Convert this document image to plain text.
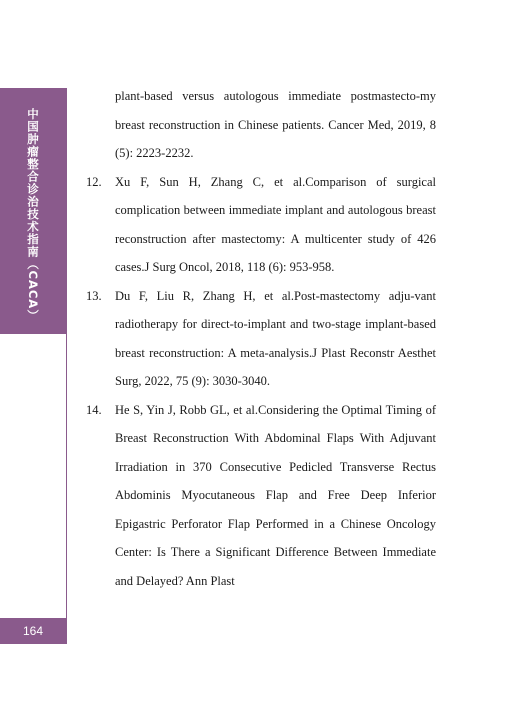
中国肿瘤整合诊治技术指南（CACA）
164
plant-based versus autologous immediate postmastecto-my breast reconstruction in Chinese patients. Cancer Med, 2019, 8 (5): 2223-2232.
12.	Xu F, Sun H, Zhang C, et al.Comparison of surgical complication between immediate implant and autologous breast reconstruction after mastectomy: A multicenter study of 426 cases.J Surg Oncol, 2018, 118 (6): 953-958.
13.	Du F, Liu R, Zhang H, et al.Post-mastectomy adju-vant radiotherapy for direct-to-implant and two-stage implant-based breast reconstruction: A meta-analysis.J Plast Reconstr Aesthet Surg, 2022, 75 (9): 3030-3040.
14.	He S, Yin J, Robb GL, et al.Considering the Optimal Timing of Breast Reconstruction With Abdominal Flaps With Adjuvant Irradiation in 370 Consecutive Pedicled Transverse Rectus Abdominis Myocutaneous Flap and Free Deep Inferior Epigastric Perforator Flap Performed in a Chinese Oncology Center: Is There a Significant Difference Between Immediate and Delayed? Ann Plast
